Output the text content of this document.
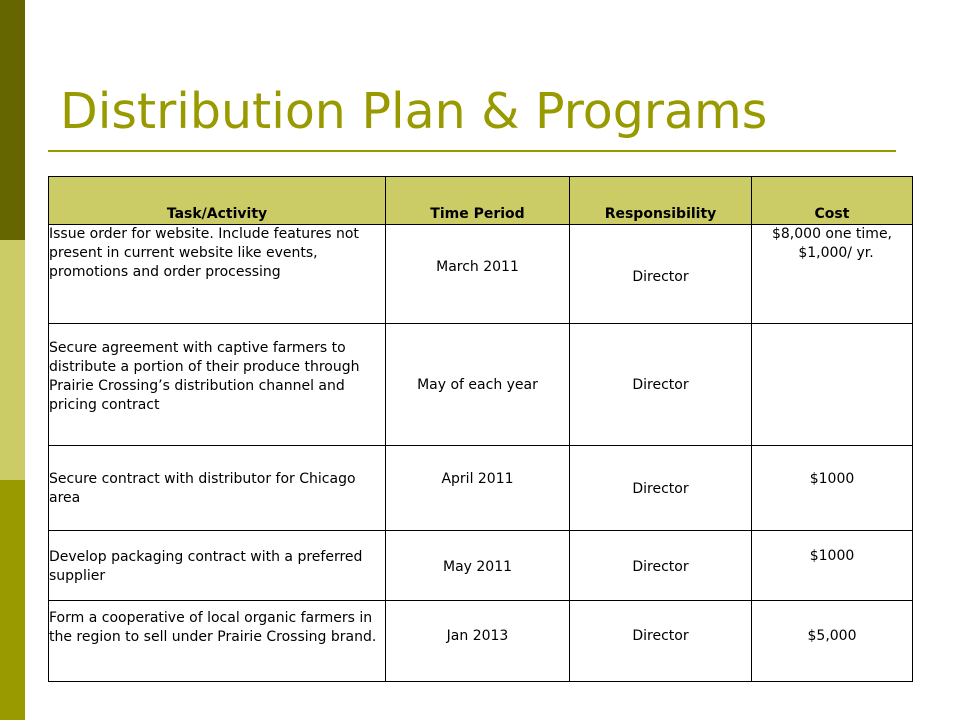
Distribution Plan & Programs
Task/Activity	Time Period	Responsibility	Cost
Issue order for website. Include features not present in current website like events, promotions and order processing	March 2011	Director	$8,000 one time,
$1,000/ yr.

Secure agreement with captive farmers to distribute a portion of their produce through Prairie Crossing’s distribution channel and pricing contract	May of each year	Director	
Secure contract with distributor for Chicago area	April 2011	Director	$1000
Develop packaging contract with a preferred supplier	May 2011	Director	$1000
Form a cooperative of local organic farmers in the region to sell under Prairie Crossing brand.	Jan 2013	Director	$5,000
